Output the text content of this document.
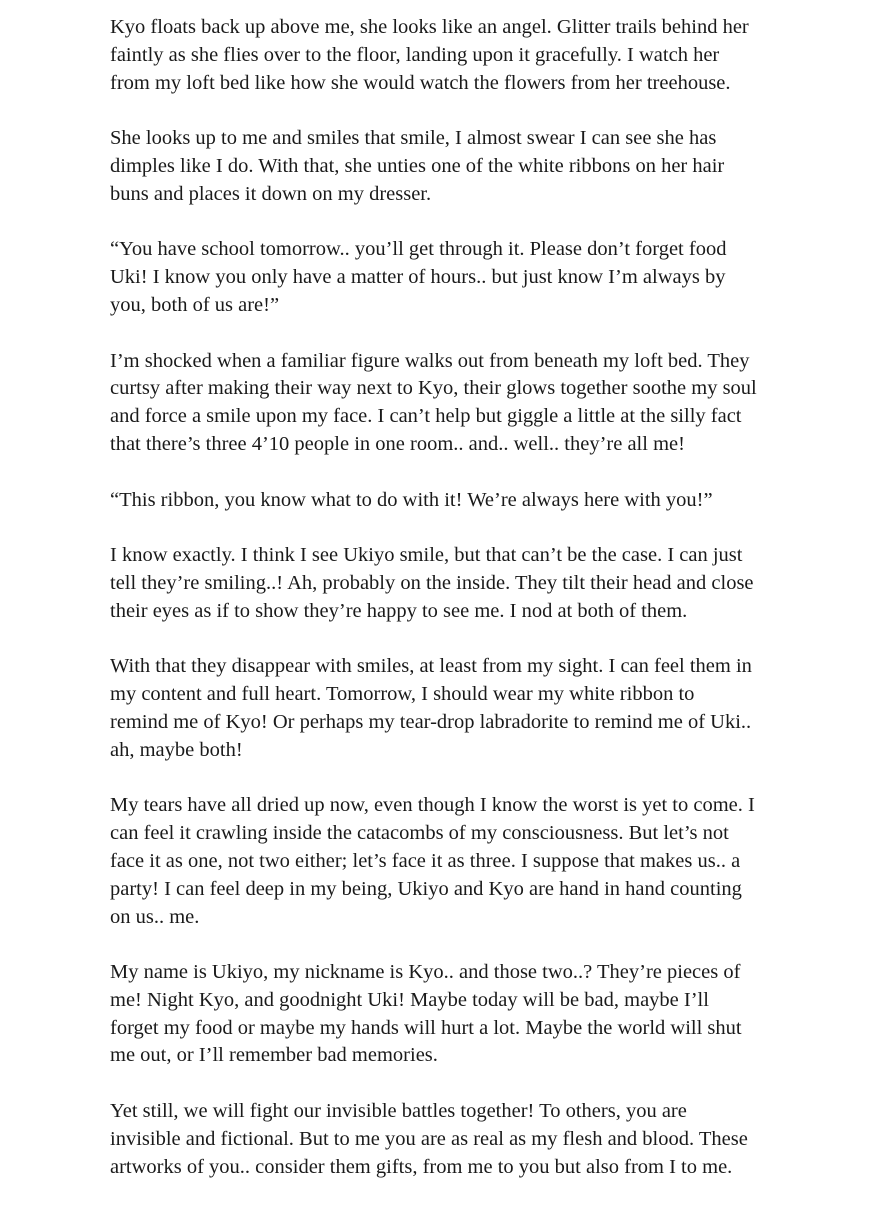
Kyo floats back up above me, she looks like an angel. Glitter trails behind her
faintly as she flies over to the floor, landing upon it gracefully. I watch her
from my loft bed like how she would watch the flowers from her treehouse.

She looks up to me and smiles that smile, I almost swear I can see she has
dimples like I do. With that, she unties one of the white ribbons on her hair
buns and places it down on my dresser.

“You have school tomorrow.. you’ll get through it. Please don’t forget food
Uki! I know you only have a matter of hours.. but just know I’m always by
you, both of us are!”

I’m shocked when a familiar figure walks out from beneath my loft bed. They
curtsy after making their way next to Kyo, their glows together soothe my soul
and force a smile upon my face. I can’t help but giggle a little at the silly fact
that there’s three 4’10 people in one room.. and.. well.. they’re all me!

“This ribbon, you know what to do with it! We’re always here with you!”

I know exactly. I think I see Ukiyo smile, but that can’t be the case. I can just
tell they’re smiling..! Ah, probably on the inside. They tilt their head and close
their eyes as if to show they’re happy to see me. I nod at both of them.

With that they disappear with smiles, at least from my sight. I can feel them in
my content and full heart. Tomorrow, I should wear my white ribbon to
remind me of Kyo! Or perhaps my tear-drop labradorite to remind me of Uki..
ah, maybe both!

My tears have all dried up now, even though I know the worst is yet to come. I
can feel it crawling inside the catacombs of my consciousness. But let’s not
face it as one, not two either; let’s face it as three. I suppose that makes us.. a
party! I can feel deep in my being, Ukiyo and Kyo are hand in hand counting
on us.. me.

My name is Ukiyo, my nickname is Kyo.. and those two..? They’re pieces of
me! Night Kyo, and goodnight Uki! Maybe today will be bad, maybe I’ll
forget my food or maybe my hands will hurt a lot. Maybe the world will shut
me out, or I’ll remember bad memories.

Yet still, we will fight our invisible battles together! To others, you are
invisible and fictional. But to me you are as real as my flesh and blood. These
artworks of you.. consider them gifts, from me to you but also from I to me.
